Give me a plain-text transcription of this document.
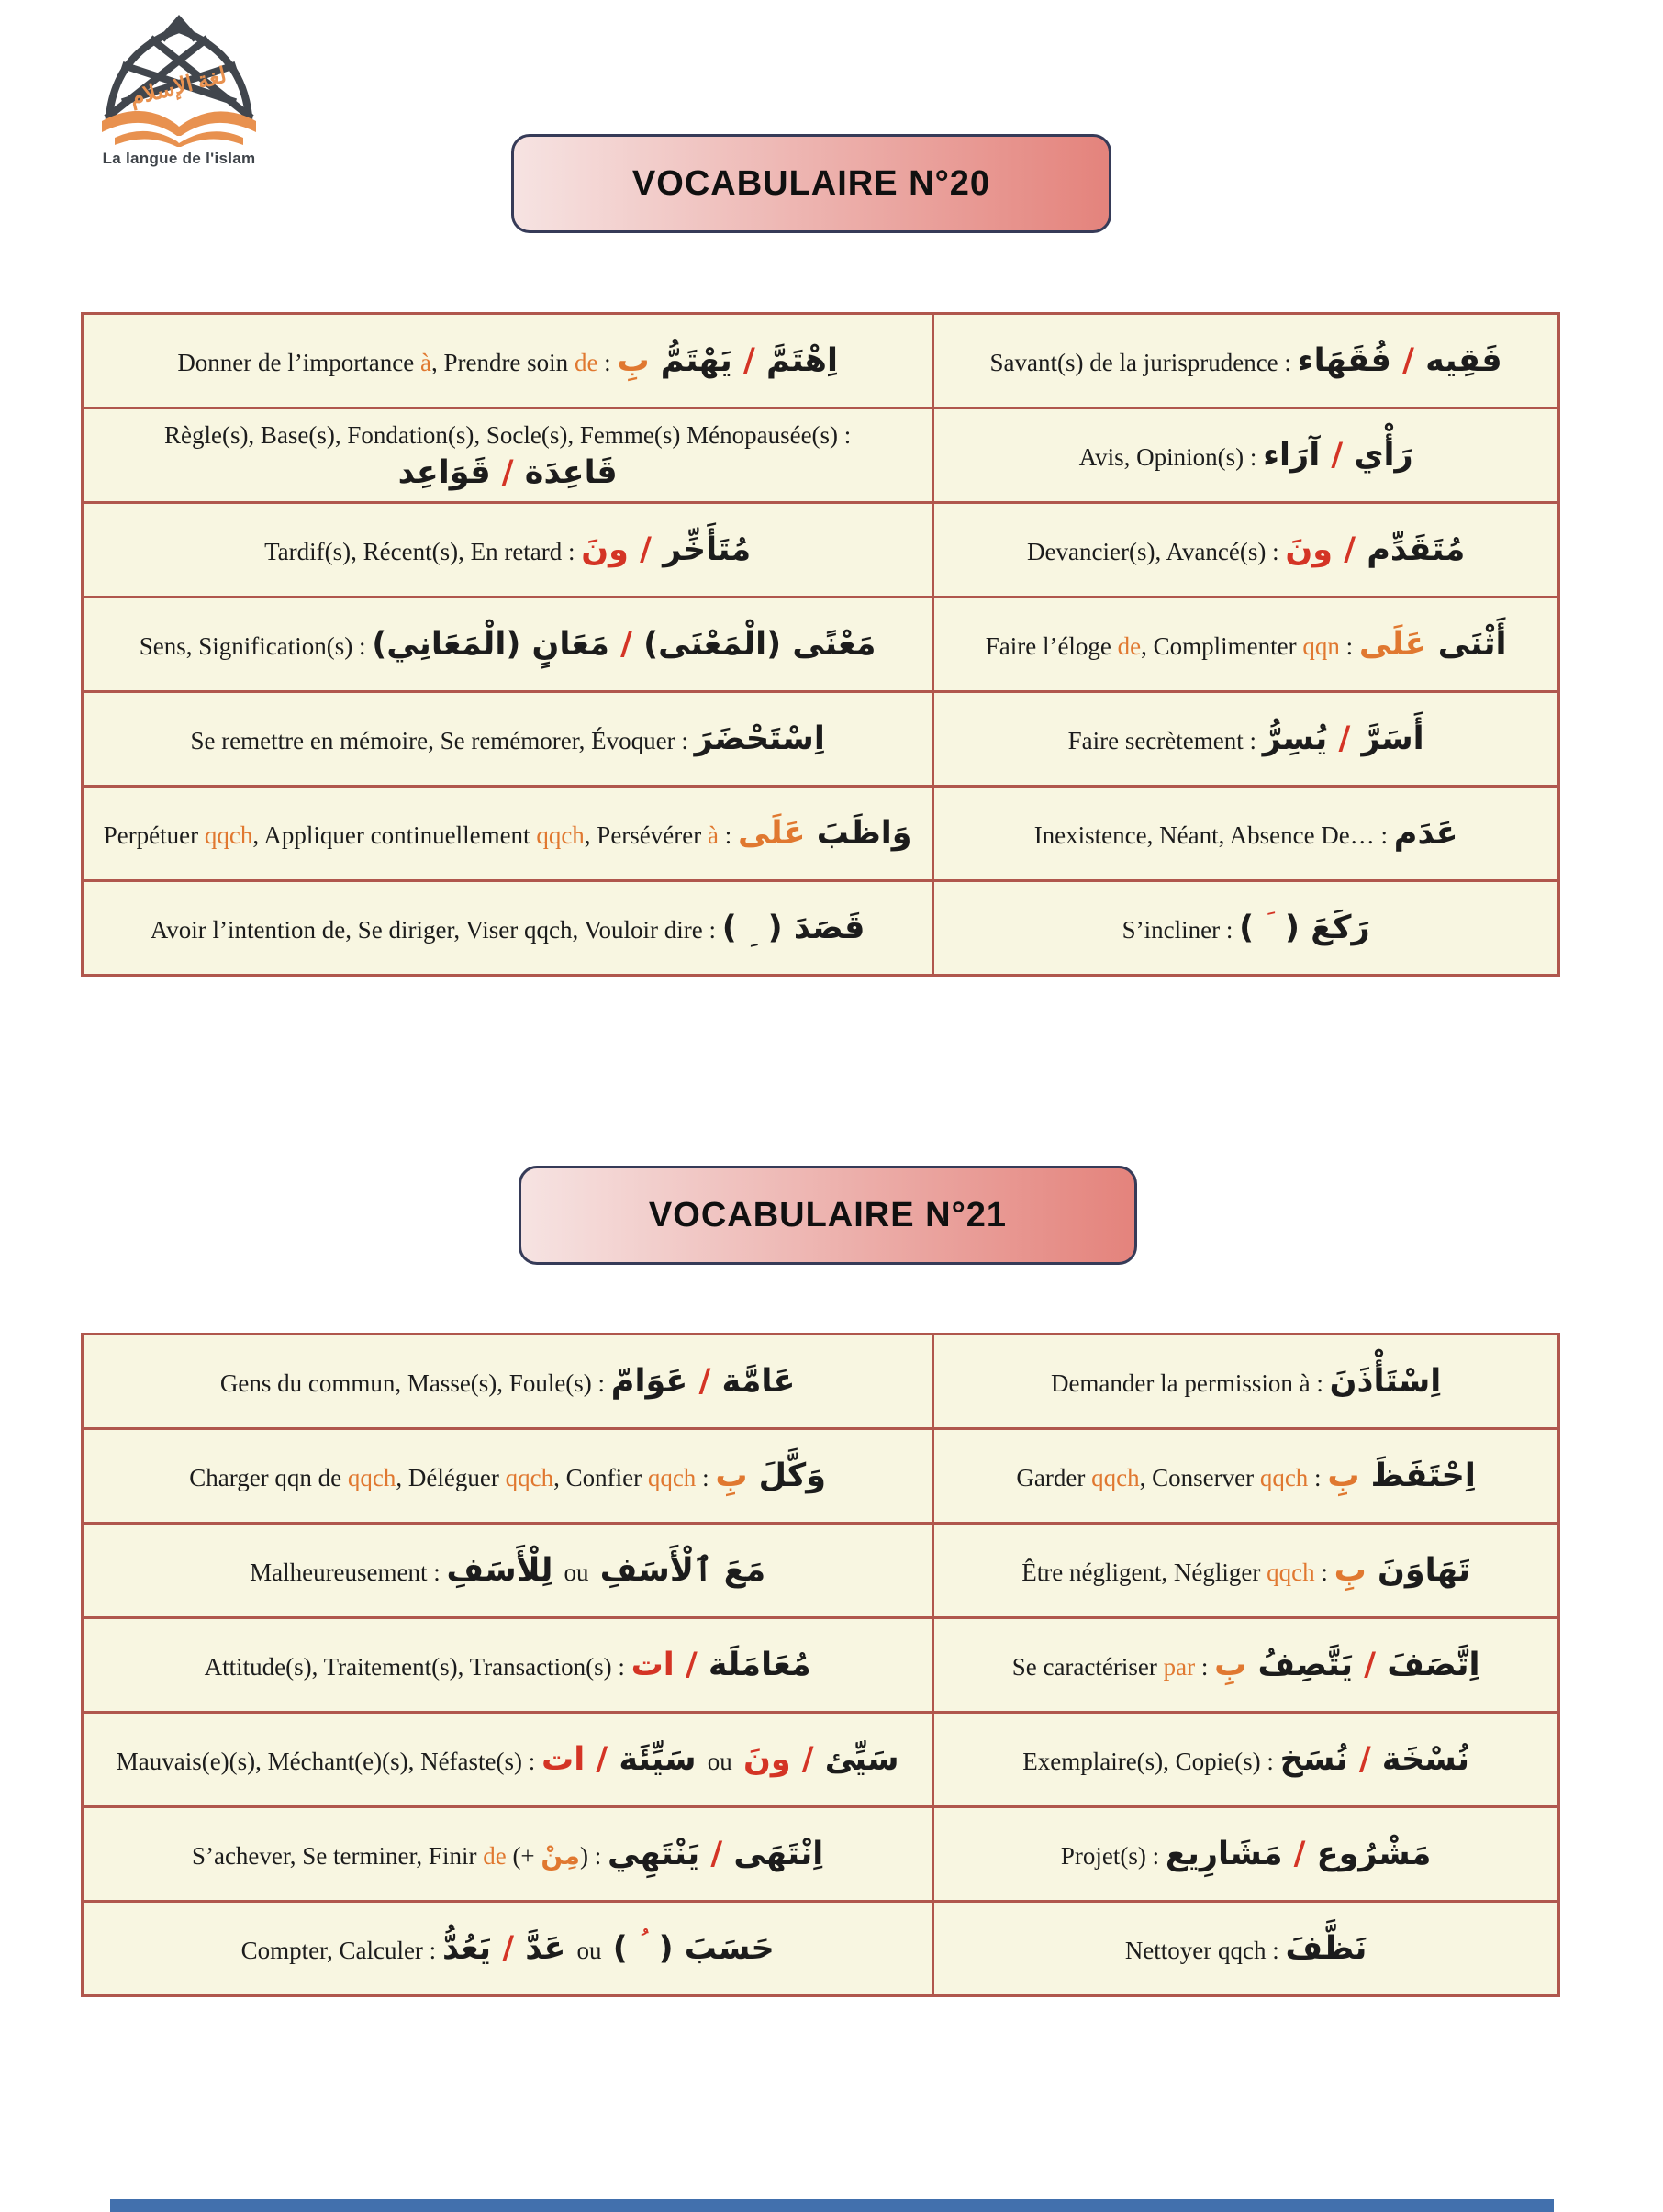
لغة الإسلام
La langue de l'islam
VOCABULAIRE N°20
Donner de l’importance à, Prendre soin de : اِهْتَمَّ / يَهْتَمُّ بِ	Savant(s) de la jurisprudence : فَقِيه / فُقَهَاء

Règle(s), Base(s), Fondation(s), Socle(s), Femme(s) Ménopausée(s) :
قَاعِدَة / قَوَاعِد	Avis, Opinion(s) : رَأْي / آرَاء

Tardif(s), Récent(s), En retard : مُتَأَخِّر / ونَ	Devancier(s), Avancé(s) : مُتَقَدِّم / ونَ

Sens, Signification(s) : مَعْنًى (الْمَعْنَى) / مَعَانٍ (الْمَعَانِي)	Faire l’éloge de, Complimenter qqn : أَثْنَى عَلَى

Se remettre en mémoire, Se remémorer, Évoquer : اِسْتَحْضَرَ	Faire secrètement : أَسَرَّ / يُسِرُّ

Perpétuer qqch, Appliquer continuellement qqch, Persévérer à : وَاظَبَ عَلَى	Inexistence, Néant, Absence De… : عَدَم

Avoir l’intention de, Se diriger, Viser qqch, Vouloir dire : قَصَدَ (  ِ )	S’incliner : رَكَعَ (  َ )
VOCABULAIRE N°21
Gens du commun, Masse(s), Foule(s) : عَامَّة / عَوَامّ	Demander la permission à : اِسْتَأْذَنَ

Charger qqn de qqch, Déléguer qqch, Confier qqch : وَكَّلَ بِ	Garder qqch, Conserver qqch : اِحْتَفَظَ بِ

Malheureusement : مَعَ ٱلْأَسَفِ ou لِلْأَسَفِ	Être négligent, Négliger qqch : تَهَاوَنَ بِ

Attitude(s), Traitement(s), Transaction(s) : مُعَامَلَة / ات	Se caractériser par : اِتَّصَفَ / يَتَّصِفُ بِ

Mauvais(e)(s), Méchant(e)(s), Néfaste(s) : سَيِّئ / ونَ ou سَيِّئَة / ات	Exemplaire(s), Copie(s) : نُسْخَة / نُسَخ

S’achever, Se terminer, Finir de (+ مِنْ) : اِنْتَهَى / يَنْتَهِي	Projet(s) : مَشْرُوع / مَشَارِيع

Compter, Calculer : حَسَبَ (  ُ ) ou عَدَّ / يَعُدُّ	Nettoyer qqch : نَظَّفَ
